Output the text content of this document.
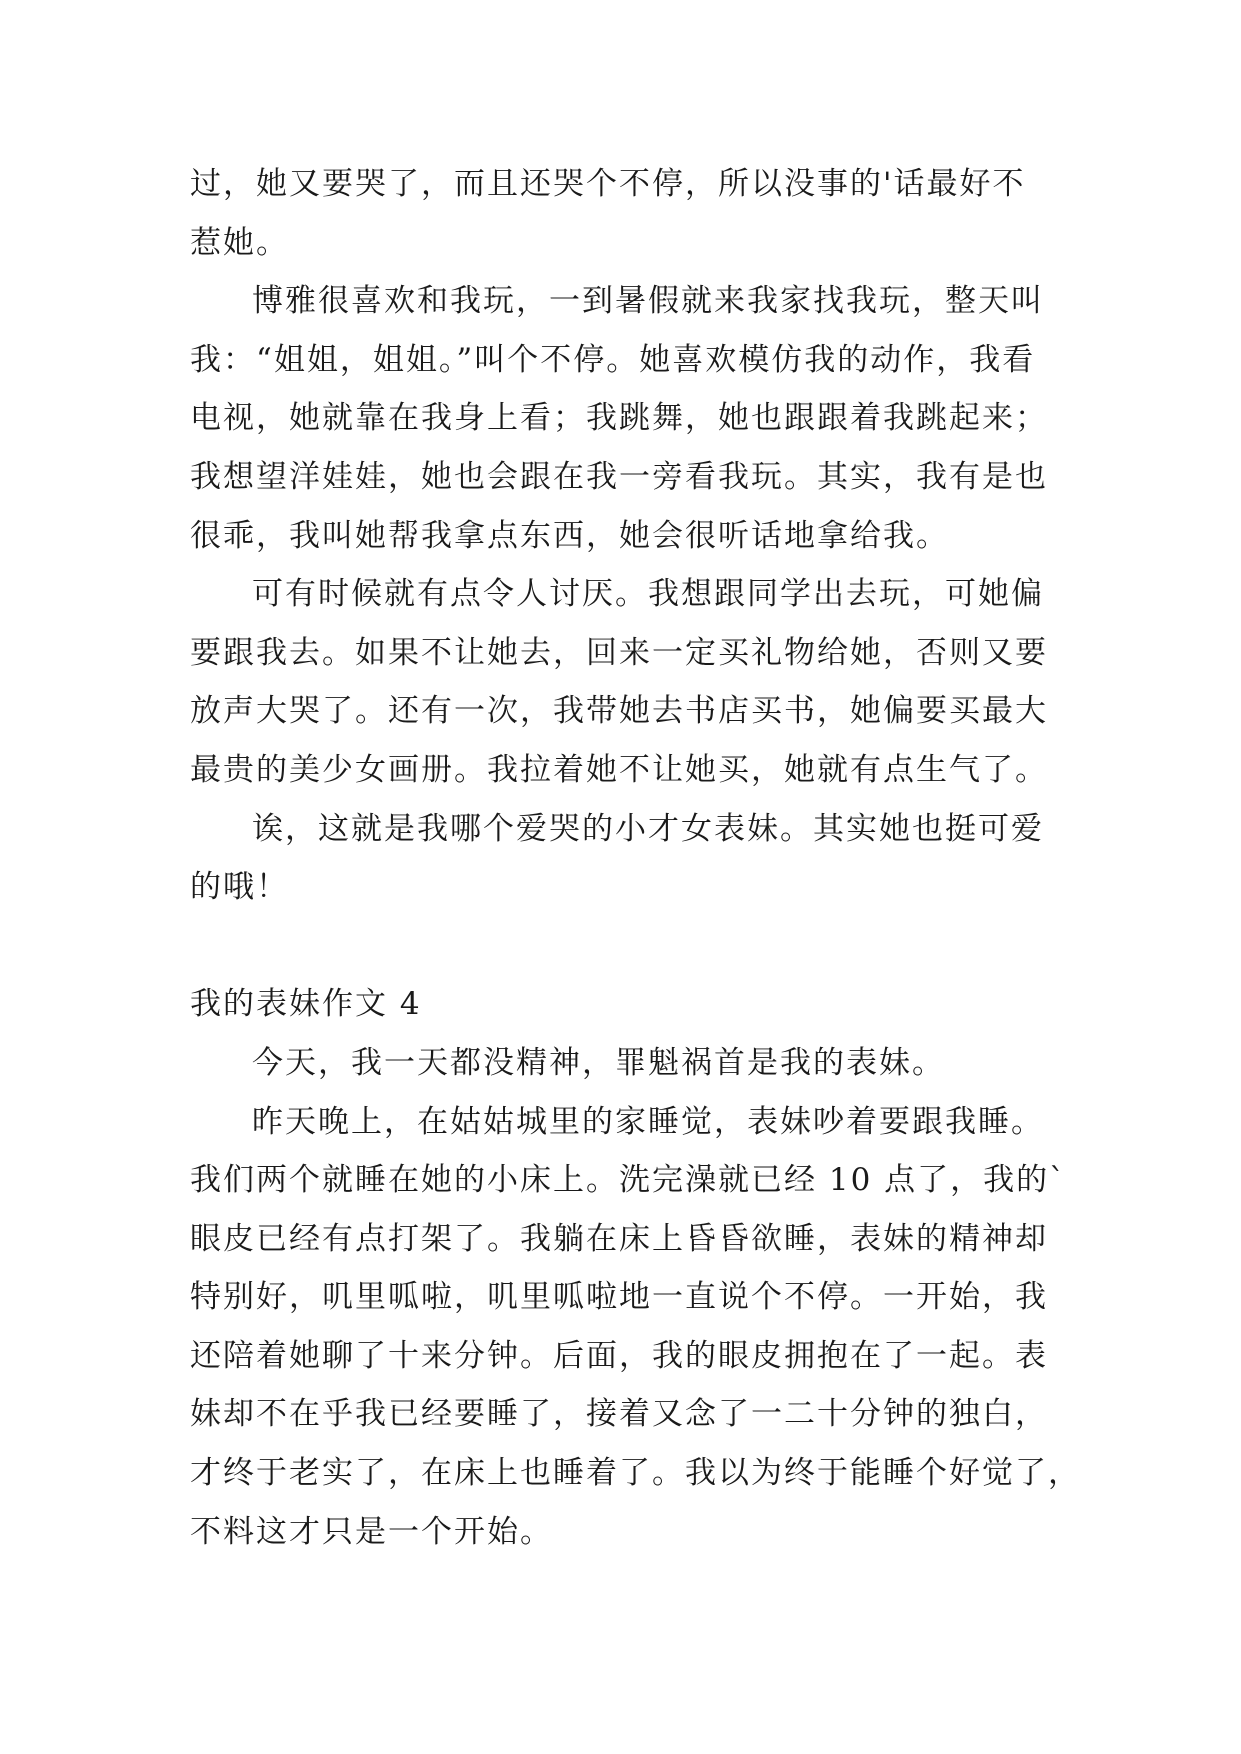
过，她又要哭了，而且还哭个不停，所以没事的'话最好不

惹她。

博雅很喜欢和我玩，一到暑假就来我家找我玩，整天叫

我：“姐姐，姐姐。”叫个不停。她喜欢模仿我的动作，我看

电视，她就靠在我身上看；我跳舞，她也跟跟着我跳起来；

我想望洋娃娃，她也会跟在我一旁看我玩。其实，我有是也

很乖，我叫她帮我拿点东西，她会很听话地拿给我。

可有时候就有点令人讨厌。我想跟同学出去玩，可她偏

要跟我去。如果不让她去，回来一定买礼物给她，否则又要

放声大哭了。还有一次，我带她去书店买书，她偏要买最大

最贵的美少女画册。我拉着她不让她买，她就有点生气了。

诶，这就是我哪个爱哭的小才女表妹。其实她也挺可爱

的哦！

我的表妹作文 4

今天，我一天都没精神，罪魁祸首是我的表妹。

昨天晚上，在姑姑城里的家睡觉，表妹吵着要跟我睡。

我们两个就睡在她的小床上。洗完澡就已经 10 点了，我的`

眼皮已经有点打架了。我躺在床上昏昏欲睡，表妹的精神却

特别好，叽里呱啦，叽里呱啦地一直说个不停。一开始，我

还陪着她聊了十来分钟。后面，我的眼皮拥抱在了一起。表

妹却不在乎我已经要睡了，接着又念了一二十分钟的独白，

才终于老实了，在床上也睡着了。我以为终于能睡个好觉了，

不料这才只是一个开始。
